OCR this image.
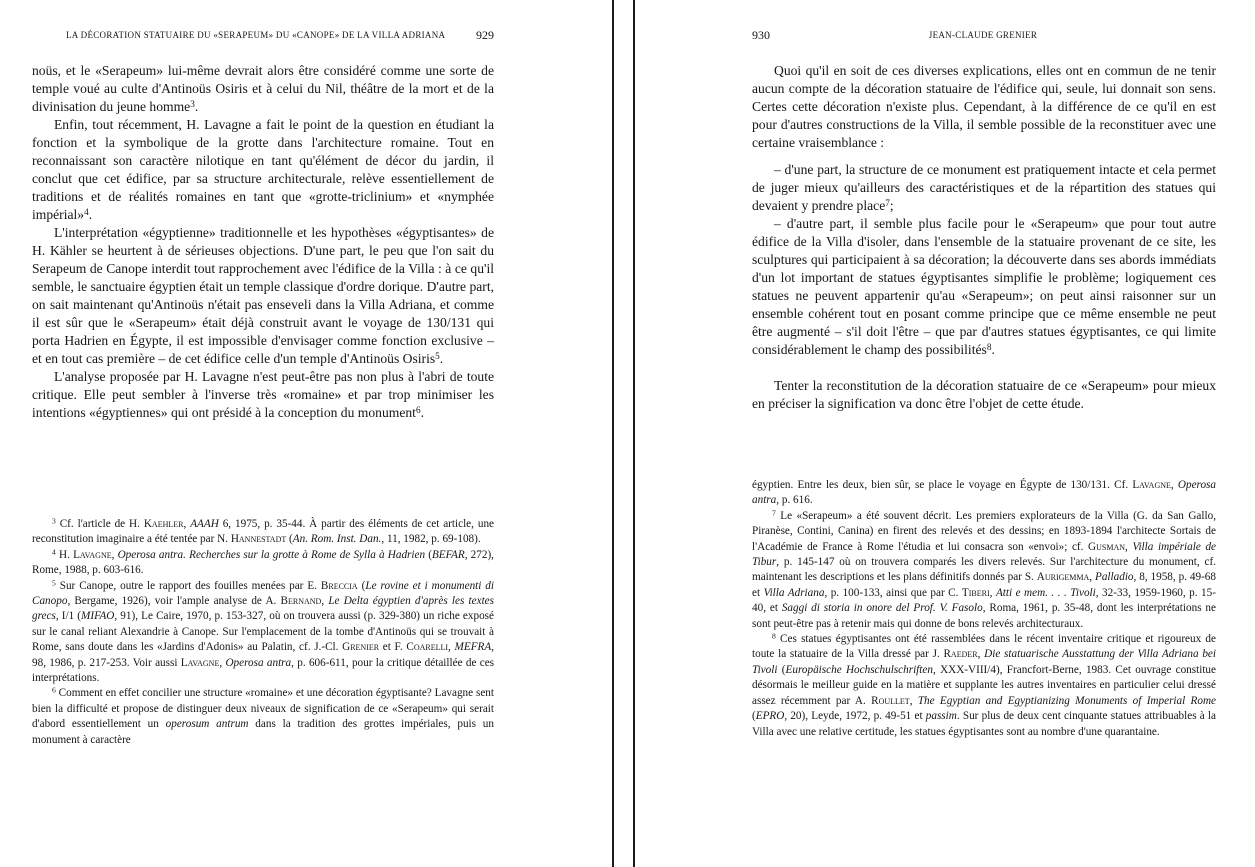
LA DÉCORATION STATUAIRE DU «SERAPEUM» DU «CANOPE» DE LA VILLA ADRIANA	929

noüs, et le «Serapeum» lui-même devrait alors être considéré comme une sorte de temple voué au culte d'Antinoüs Osiris et à celui du Nil, théâtre de la mort et de la divinisation du jeune homme$^3$.

Enfin, tout récemment, H. Lavagne a fait le point de la question en étudiant la fonction et la symbolique de la grotte dans l'architecture romaine. Tout en reconnaissant son caractère nilotique en tant qu'élément de décor du jardin, il conclut que cet édifice, par sa structure architecturale, relève essentiellement de traditions et de réalités romaines en tant que «grotte-triclinium» et «nymphée impérial»$^4$.

L'interprétation «égyptienne» traditionnelle et les hypothèses «égyptisantes» de H. Kähler se heurtent à de sérieuses objections. D'une part, le peu que l'on sait du Serapeum de Canope interdit tout rapprochement avec l'édifice de la Villa : à ce qu'il semble, le sanctuaire égyptien était un temple classique d'ordre dorique. D'autre part, on sait maintenant qu'Antinoüs n'était pas enseveli dans la Villa Adriana, et comme il est sûr que le «Serapeum» était déjà construit avant le voyage de 130/131 qui porta Hadrien en Égypte, il est impossible d'envisager comme fonction exclusive – et en tout cas première – de cet édifice celle d'un temple d'Antinoüs Osiris$^5$.

L'analyse proposée par H. Lavagne n'est peut-être pas non plus à l'abri de toute critique. Elle peut sembler à l'inverse très «romaine» et par trop minimiser les intentions «égyptiennes» qui ont présidé à la conception du monument$^6$.

$^3$ Cf. l'article de H. Kaehler, AAAH 6, 1975, p. 35-44. À partir des éléments de cet article, une reconstitution imaginaire a été tentée par N. Hannestadt (An. Rom. Inst. Dan., 11, 1982, p. 69-108).

$^4$ H. Lavagne, Operosa antra. Recherches sur la grotte à Rome de Sylla à Hadrien (BEFAR, 272), Rome, 1988, p. 603-616.

$^5$ Sur Canope, outre le rapport des fouilles menées par E. Breccia (Le rovine et i monumenti di Canopo, Bergame, 1926), voir l'ample analyse de A. Bernand, Le Delta égyptien d'après les textes grecs, I/1 (MIFAO, 91), Le Caire, 1970, p. 153-327, où on trouvera aussi (p. 329-380) un riche exposé sur le canal reliant Alexandrie à Canope. Sur l'emplacement de la tombe d'Antinoüs qui se trouvait à Rome, sans doute dans les «Jardins d'Adonis» au Palatin, cf. J.-Cl. Grenier et F. Coarelli, MEFRA, 98, 1986, p. 217-253. Voir aussi Lavagne, Operosa antra, p. 606-611, pour la critique détaillée de ces interprétations.

$^6$ Comment en effet concilier une structure «romaine» et une décoration égyptisante? Lavagne sent bien la difficulté et propose de distinguer deux niveaux de signification de ce «Serapeum» qui serait d'abord essentiellement un operosum antrum dans la tradition des grottes impériales, puis un monument à caractère

930	JEAN-CLAUDE GRENIER

Quoi qu'il en soit de ces diverses explications, elles ont en commun de ne tenir aucun compte de la décoration statuaire de l'édifice qui, seule, lui donnait son sens. Certes cette décoration n'existe plus. Cependant, à la différence de ce qu'il en est pour d'autres constructions de la Villa, il semble possible de la reconstituer avec une certaine vraisemblance :

– d'une part, la structure de ce monument est pratiquement intacte et cela permet de juger mieux qu'ailleurs des caractéristiques et de la répartition des statues qui devaient y prendre place$^7$;

– d'autre part, il semble plus facile pour le «Serapeum» que pour tout autre édifice de la Villa d'isoler, dans l'ensemble de la statuaire provenant de ce site, les sculptures qui participaient à sa décoration; la découverte dans ses abords immédiats d'un lot important de statues égyptisantes simplifie le problème; logiquement ces statues ne peuvent appartenir qu'au «Serapeum»; on peut ainsi raisonner sur un ensemble cohérent tout en posant comme principe que ce même ensemble ne peut être augmenté – s'il doit l'être – que par d'autres statues égyptisantes, ce qui limite considérablement le champ des possibilités$^8$.

Tenter la reconstitution de la décoration statuaire de ce «Serapeum» pour mieux en préciser la signification va donc être l'objet de cette étude.

égyptien. Entre les deux, bien sûr, se place le voyage en Égypte de 130/131. Cf. Lavagne, Operosa antra, p. 616.

$^7$ Le «Serapeum» a été souvent décrit. Les premiers explorateurs de la Villa (G. da San Gallo, Piranèse, Contini, Canina) en firent des relevés et des dessins; en 1893-1894 l'architecte Sortais de l'Académie de France à Rome l'étudia et lui consacra son «envoi»; cf. Gusman, Villa impériale de Tibur, p. 145-147 où on trouvera comparés les divers relevés. Sur l'architecture du monument, cf. maintenant les descriptions et les plans définitifs donnés par S. Aurigemma, Palladio, 8, 1958, p. 49-68 et Villa Adriana, p. 100-133, ainsi que par C. Tiberi, Atti e mem. . . . Tivoli, 32-33, 1959-1960, p. 15-40, et Saggi di storia in onore del Prof. V. Fasolo, Roma, 1961, p. 35-48, dont les interprétations ne sont peut-être pas à retenir mais qui donne de bons relevés architecturaux.

$^8$ Ces statues égyptisantes ont été rassemblées dans le récent inventaire critique et rigoureux de toute la statuaire de la Villa dressé par J. Raeder, Die statuarische Ausstattung der Villa Adriana bei Tivoli (Europäische Hochschulschriften, XXX-VIII/4), Francfort-Berne, 1983. Cet ouvrage constitue désormais le meilleur guide en la matière et supplante les autres inventaires en particulier celui dressé assez récemment par A. Roullet, The Egyptian and Egyptianizing Monuments of Imperial Rome (EPRO, 20), Leyde, 1972, p. 49-51 et passim. Sur plus de deux cent cinquante statues attribuables à la Villa avec une relative certitude, les statues égyptisantes sont au nombre d'une quarantaine.
